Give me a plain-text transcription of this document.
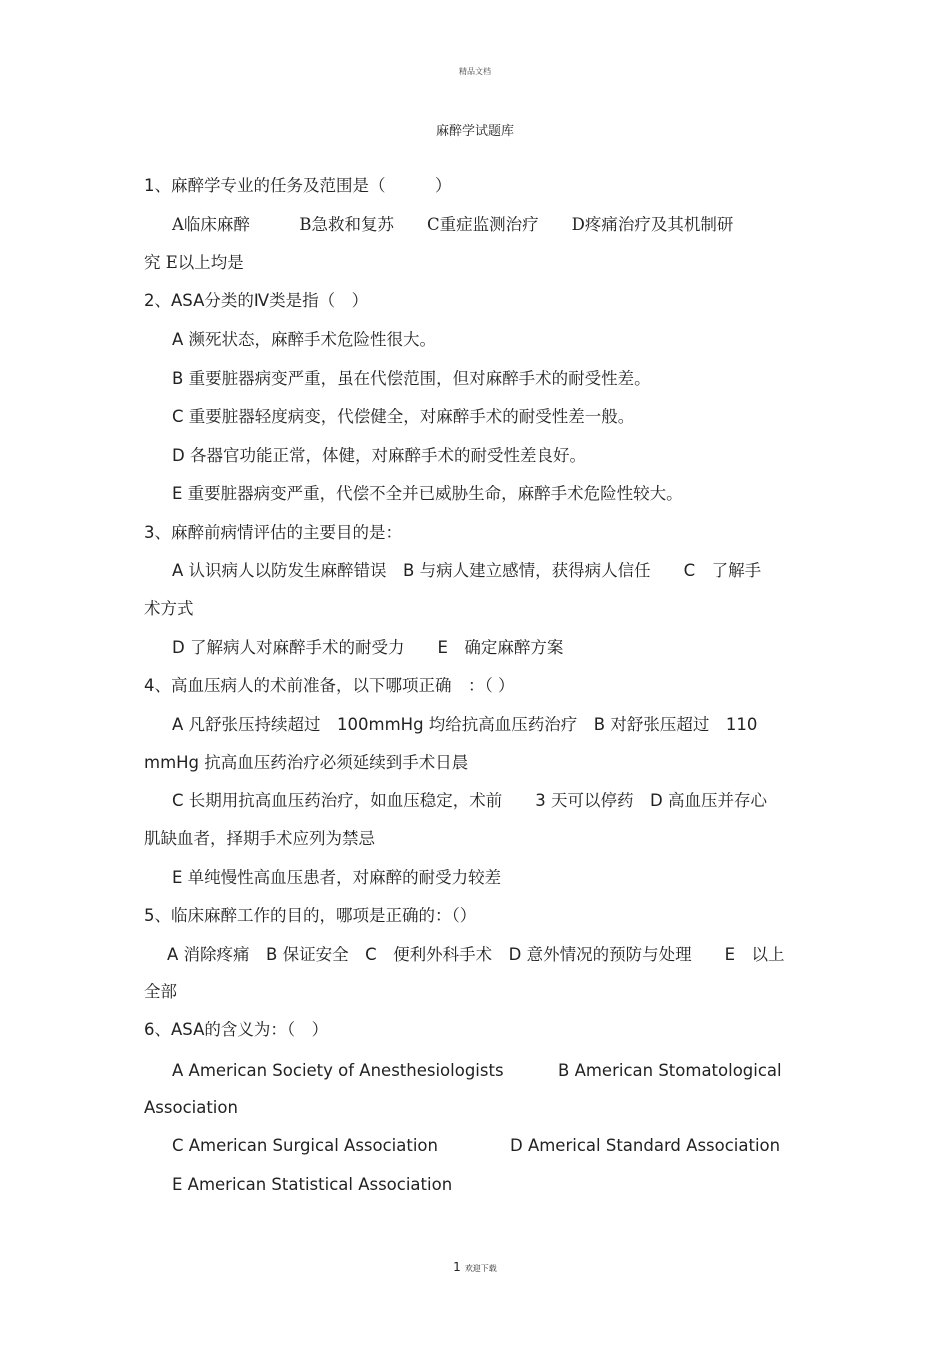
精品文档
麻醉学试题库
1、麻醉学专业的任务及范围是（　　　）
A临床麻醉　　　B急救和复苏　　C重症监测治疗　　D疼痛治疗及其机制研
究 E以上均是
2、ASA分类的Ⅳ类是指（　）
A 濒死状态，麻醉手术危险性很大。
B 重要脏器病变严重，虽在代偿范围，但对麻醉手术的耐受性差。
C 重要脏器轻度病变，代偿健全，对麻醉手术的耐受性差一般。
D 各器官功能正常，体健，对麻醉手术的耐受性差良好。
E 重要脏器病变严重，代偿不全并已威胁生命，麻醉手术危险性较大。
3、麻醉前病情评估的主要目的是：
A 认识病人以防发生麻醉错误　B 与病人建立感情，获得病人信任　　C　了解手
术方式
D 了解病人对麻醉手术的耐受力　　E　确定麻醉方案
4、高血压病人的术前准备，以下哪项正确　：（ ）
A 凡舒张压持续超过　100mmHg 均给抗高血压药治疗　B 对舒张压超过　110
mmHg 抗高血压药治疗必须延续到手术日晨
C 长期用抗高血压药治疗，如血压稳定，术前　　3 天可以停药　D 高血压并存心
肌缺血者，择期手术应列为禁忌
E 单纯慢性高血压患者，对麻醉的耐受力较差
5、临床麻醉工作的目的，哪项是正确的：（）
A 消除疼痛　B 保证安全　C　便利外科手术　D 意外情况的预防与处理　　E　以上
全部
6、ASA的含义为：（　）
A American Society of Anesthesiologists	B American Stomatological
Association
C American Surgical Association	D Americal Standard Association
E American Statistical Association
1 欢迎下载
